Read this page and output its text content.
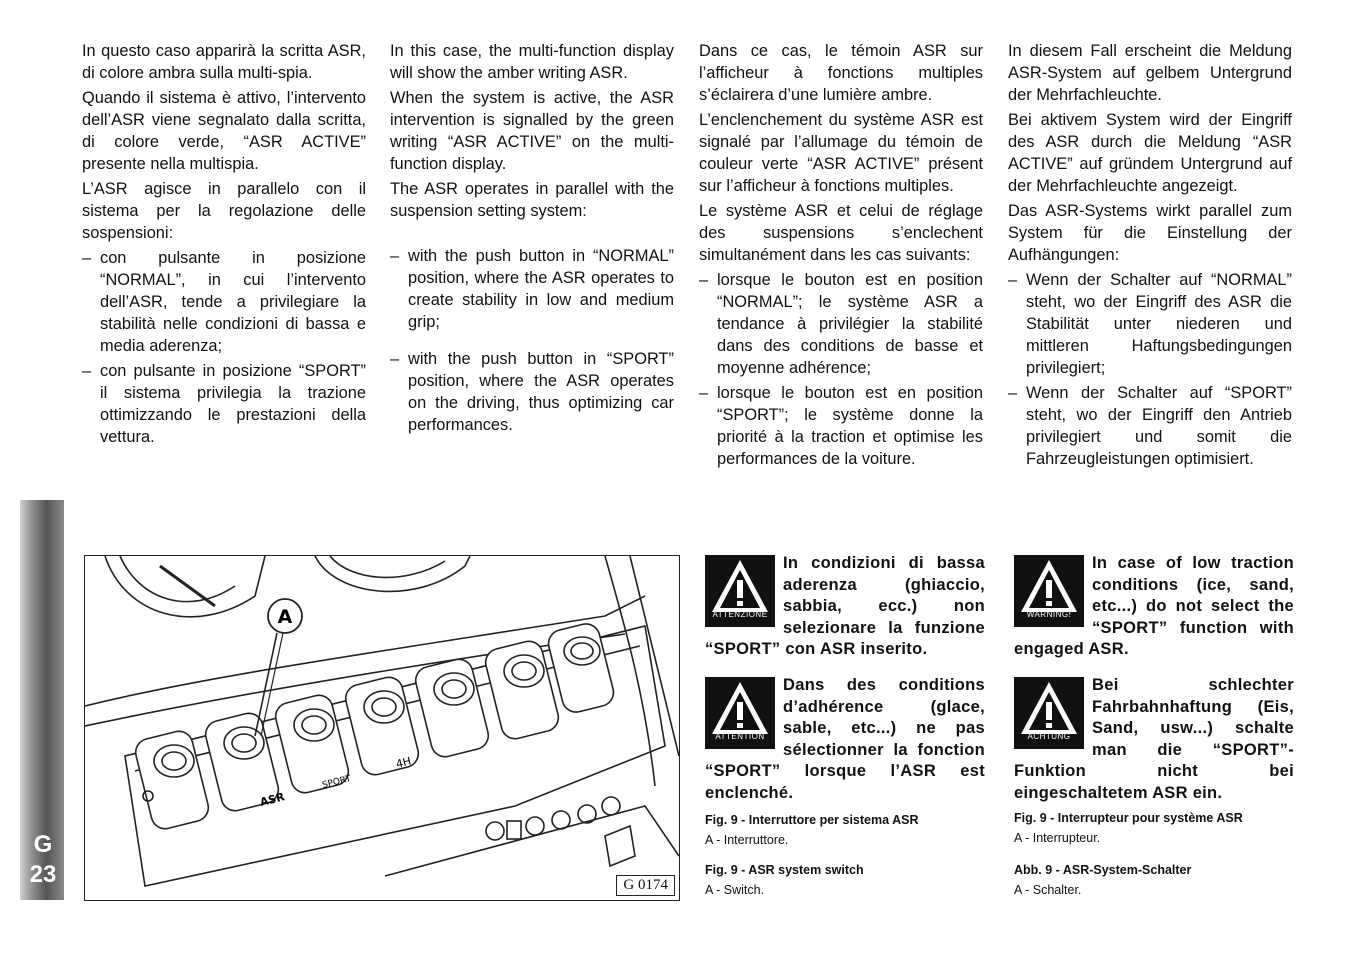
In questo caso apparirà la scritta ASR, di colore ambra sulla multi-spia.

Quando il sistema è attivo, l’intervento dell’ASR viene segnalato dalla scritta, di colore verde, “ASR ACTIVE” presente nella multispia.

L’ASR agisce in parallelo con il sistema per la regolazione delle sospensioni:

– con pulsante in posizione “NORMAL”, in cui l’intervento dell’ASR, tende a privilegiare la stabilità nelle condizioni di bassa e media aderenza;
– con pulsante in posizione “SPORT” il sistema privilegia la trazione ottimizzando le prestazioni della vettura.

In this case, the multi-function display will show the amber writing ASR.

When the system is active, the ASR intervention is signalled by the green writing “ASR ACTIVE” on the multi-function display.

The ASR operates in parallel with the suspension setting system:

– with the push button in “NORMAL” position, where the ASR operates to create stability in low and medium grip;
– with the push button in “SPORT” position, where the ASR operates on the driving, thus optimizing car performances.

Dans ce cas, le témoin ASR sur l’afficheur à fonctions multiples s’éclairera d’une lumière ambre.

L’enclenchement du système ASR est signalé par l’allumage du témoin de couleur verte “ASR ACTIVE” présent sur l’afficheur à fonctions multiples.

Le système ASR et celui de réglage des suspensions s’enclechent simultanément dans les cas suivants:

– lorsque le bouton est en position “NORMAL”; le système ASR a tendance à privilégier la stabilité dans des conditions de basse et moyenne adhérence;
– lorsque le bouton est en position “SPORT”; le système donne la priorité à la traction et optimise les performances de la voiture.

In diesem Fall erscheint die Meldung ASR-System auf gelbem Untergrund der Mehrfachleuchte.

Bei aktivem System wird der Eingriff des ASR durch die Meldung “ASR ACTIVE” auf gründem Untergrund auf der Mehrfachleuchte angezeigt.

Das ASR-Systems wirkt parallel zum System für die Einstellung der Aufhängungen:

– Wenn der Schalter auf “NORMAL” steht, wo der Eingriff des ASR die Stabilität unter niederen und mittleren Haftungsbedingungen privilegiert;
– Wenn der Schalter auf “SPORT” steht, wo der Eingriff den Antrieb privilegiert und somit die Fahrzeugleistungen optimisiert.
G
23
ASR
SPORT
4H
A
G 0174
ATTENZIONE

In condizioni di bassa aderenza (ghiaccio, sabbia, ecc.) non selezionare la funzione “SPORT” con ASR inserito.

WARNING!

In case of low traction conditions (ice, sand, etc...) do not select the “SPORT” function with engaged ASR.

ATTENTION

Dans des conditions d’adhérence (glace, sable, etc...) ne pas sélectionner la fonction “SPORT” lorsque l’ASR est enclenché.

ACHTUNG

Bei schlechter Fahrbahnhaftung (Eis, Sand, usw...) schalte man die “SPORT”-Funktion nicht bei eingeschaltetem ASR ein.

Fig. 9 - Interruttore per sistema ASR
A - Interruttore.
Fig. 9 - ASR system switch
A - Switch.
Fig. 9 - Interrupteur pour système ASR
A - Interrupteur.
Abb. 9 - ASR-System-Schalter
A - Schalter.
